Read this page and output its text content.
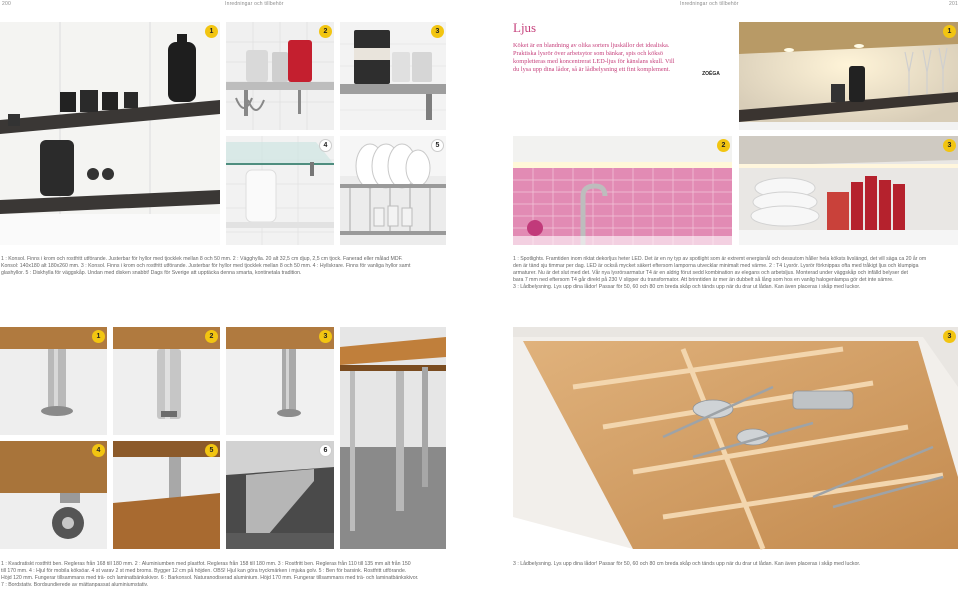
200	Inredningar och tillbehör	Inredningar och tillbehör	201
1	2
ZOÉGA
3
4	5
1 : Konsol. Finns i krom och rostfritt utförande. Justerbar för hyllor med tjocklek mellan 8 och 50 mm. 2 : Vägghylla. 20 alt 32,5 cm djup, 2,5 cm tjock. Fanerad eller målad MDF.
Konsol: 140x180 alt 180x260 mm. 3 : Konsol. Finns i krom och rostfritt utförande. Justerbar för hyllor med tjocklek mellan 8 och 50 mm. 4 : Hyllskrare. Finns för vanliga hyllor samt
glashyllor. 5 : Diskhylla för väggskåp. Undan med disken snabbt! Dags för Sverige att upptäcka denna smarta, kontinetala tradition.
Ljus
Köket är en blandning av olika sorters ljuskällor det idealiska.
Praktiska lysrör över arbetsytor som bänkar, spis och köksö
kompletteras med koncentrerat LED-ljus för känslans skull. Vill
du lysa upp dina lådor, så är lådbelysning ett fint komplement.
1
2	3
1 : Spotlights. Framtiden inom riktat dekorljus heter LED. Det är en ny typ av spotlight som är extremt energisnål och dessutom håller hela köksts livslängd, det vill säga ca 20 år om
den är tänd sju timmar per dag. LED är också mycket säkert eftersom lamporna utvecklar minimalt med värme. 2 : T4 Lysrör. Lysrör förknippas ofta med tråkigt ljus och klumpiga
armaturer. Nu är det slut med det. Vår nya lysrörsarmatur T4 är en aldrig förut sedd kombination av elegans och arbetsljus. Monterad under väggskåp och infälld belyser det
bara 7 mm ned eftersom T4 går direkt på 230 V slipper du transformator. Att brinntiden är mer än dubbelt så lång som hos en vanlig halogenlampa gör det inte sämre.
3 : Lådbelysning. Lys upp dina lådor! Passar för 50, 60 och 80 cm breda skåp och tänds upp när du drar ut lådan. Kan även placeras i skåp med luckor.
1	2	3
4	5	6
1 : Kvadratiskt rostfritt ben. Regleras från 168 till 180 mm. 2 : Aluminiumben med plastfot. Regleras från 158 till 180 mm. 3 : Rostfritt ben. Regleras från 110 till 135 mm alt från 150
till 170 mm. 4 : Hjul för mobila köksöar. 4 st varav 2 st med broms. Bygger 12 cm på höjden. OBS! Hjul kan göra tryckmärken i mjuka golv. 5 : Ben för barsink. Rostfritt utförande.
Höjd 120 mm. Fungerar tillsammans med trä- och laminatbänkskivor. 6 : Barkonsol. Naturanodiserad aluminium. Höjd 170 mm. Fungerar tillsammans med trä- och laminatbänkskivor.
7 : Bordstativ. Bordsundierede av mättanpassat aluminiumstativ.
3
3 : Lådbelysning. Lys upp dina lådor! Passar för 50, 60 och 80 cm breda skåp och tänds upp när du drar ut lådan. Kan även placeras i skåp med luckor.
